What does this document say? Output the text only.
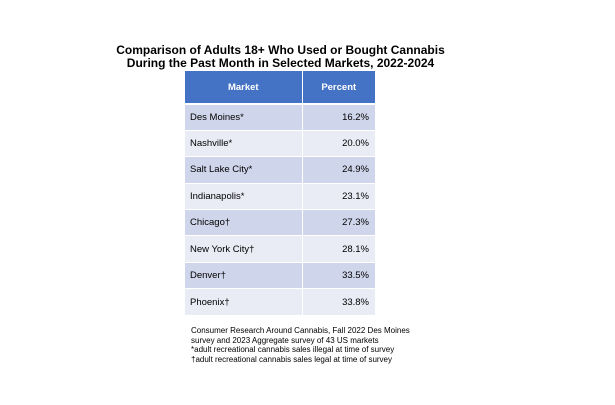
Comparison of Adults 18+ Who Used or Bought Cannabis
During the Past Month in Selected Markets, 2022-2024
Market	Percent
Des Moines*	16.2%
Nashville*	20.0%
Salt Lake City*	24.9%
Indianapolis*	23.1%
Chicago†	27.3%
New York City†	28.1%
Denver†	33.5%
Phoenix†	33.8%

Consumer Research Around Cannabis, Fall 2022 Des Moines
survey and 2023 Aggregate survey of 43 US markets
*adult recreational cannabis sales illegal at time of survey
†adult recreational cannabis sales legal at time of survey
